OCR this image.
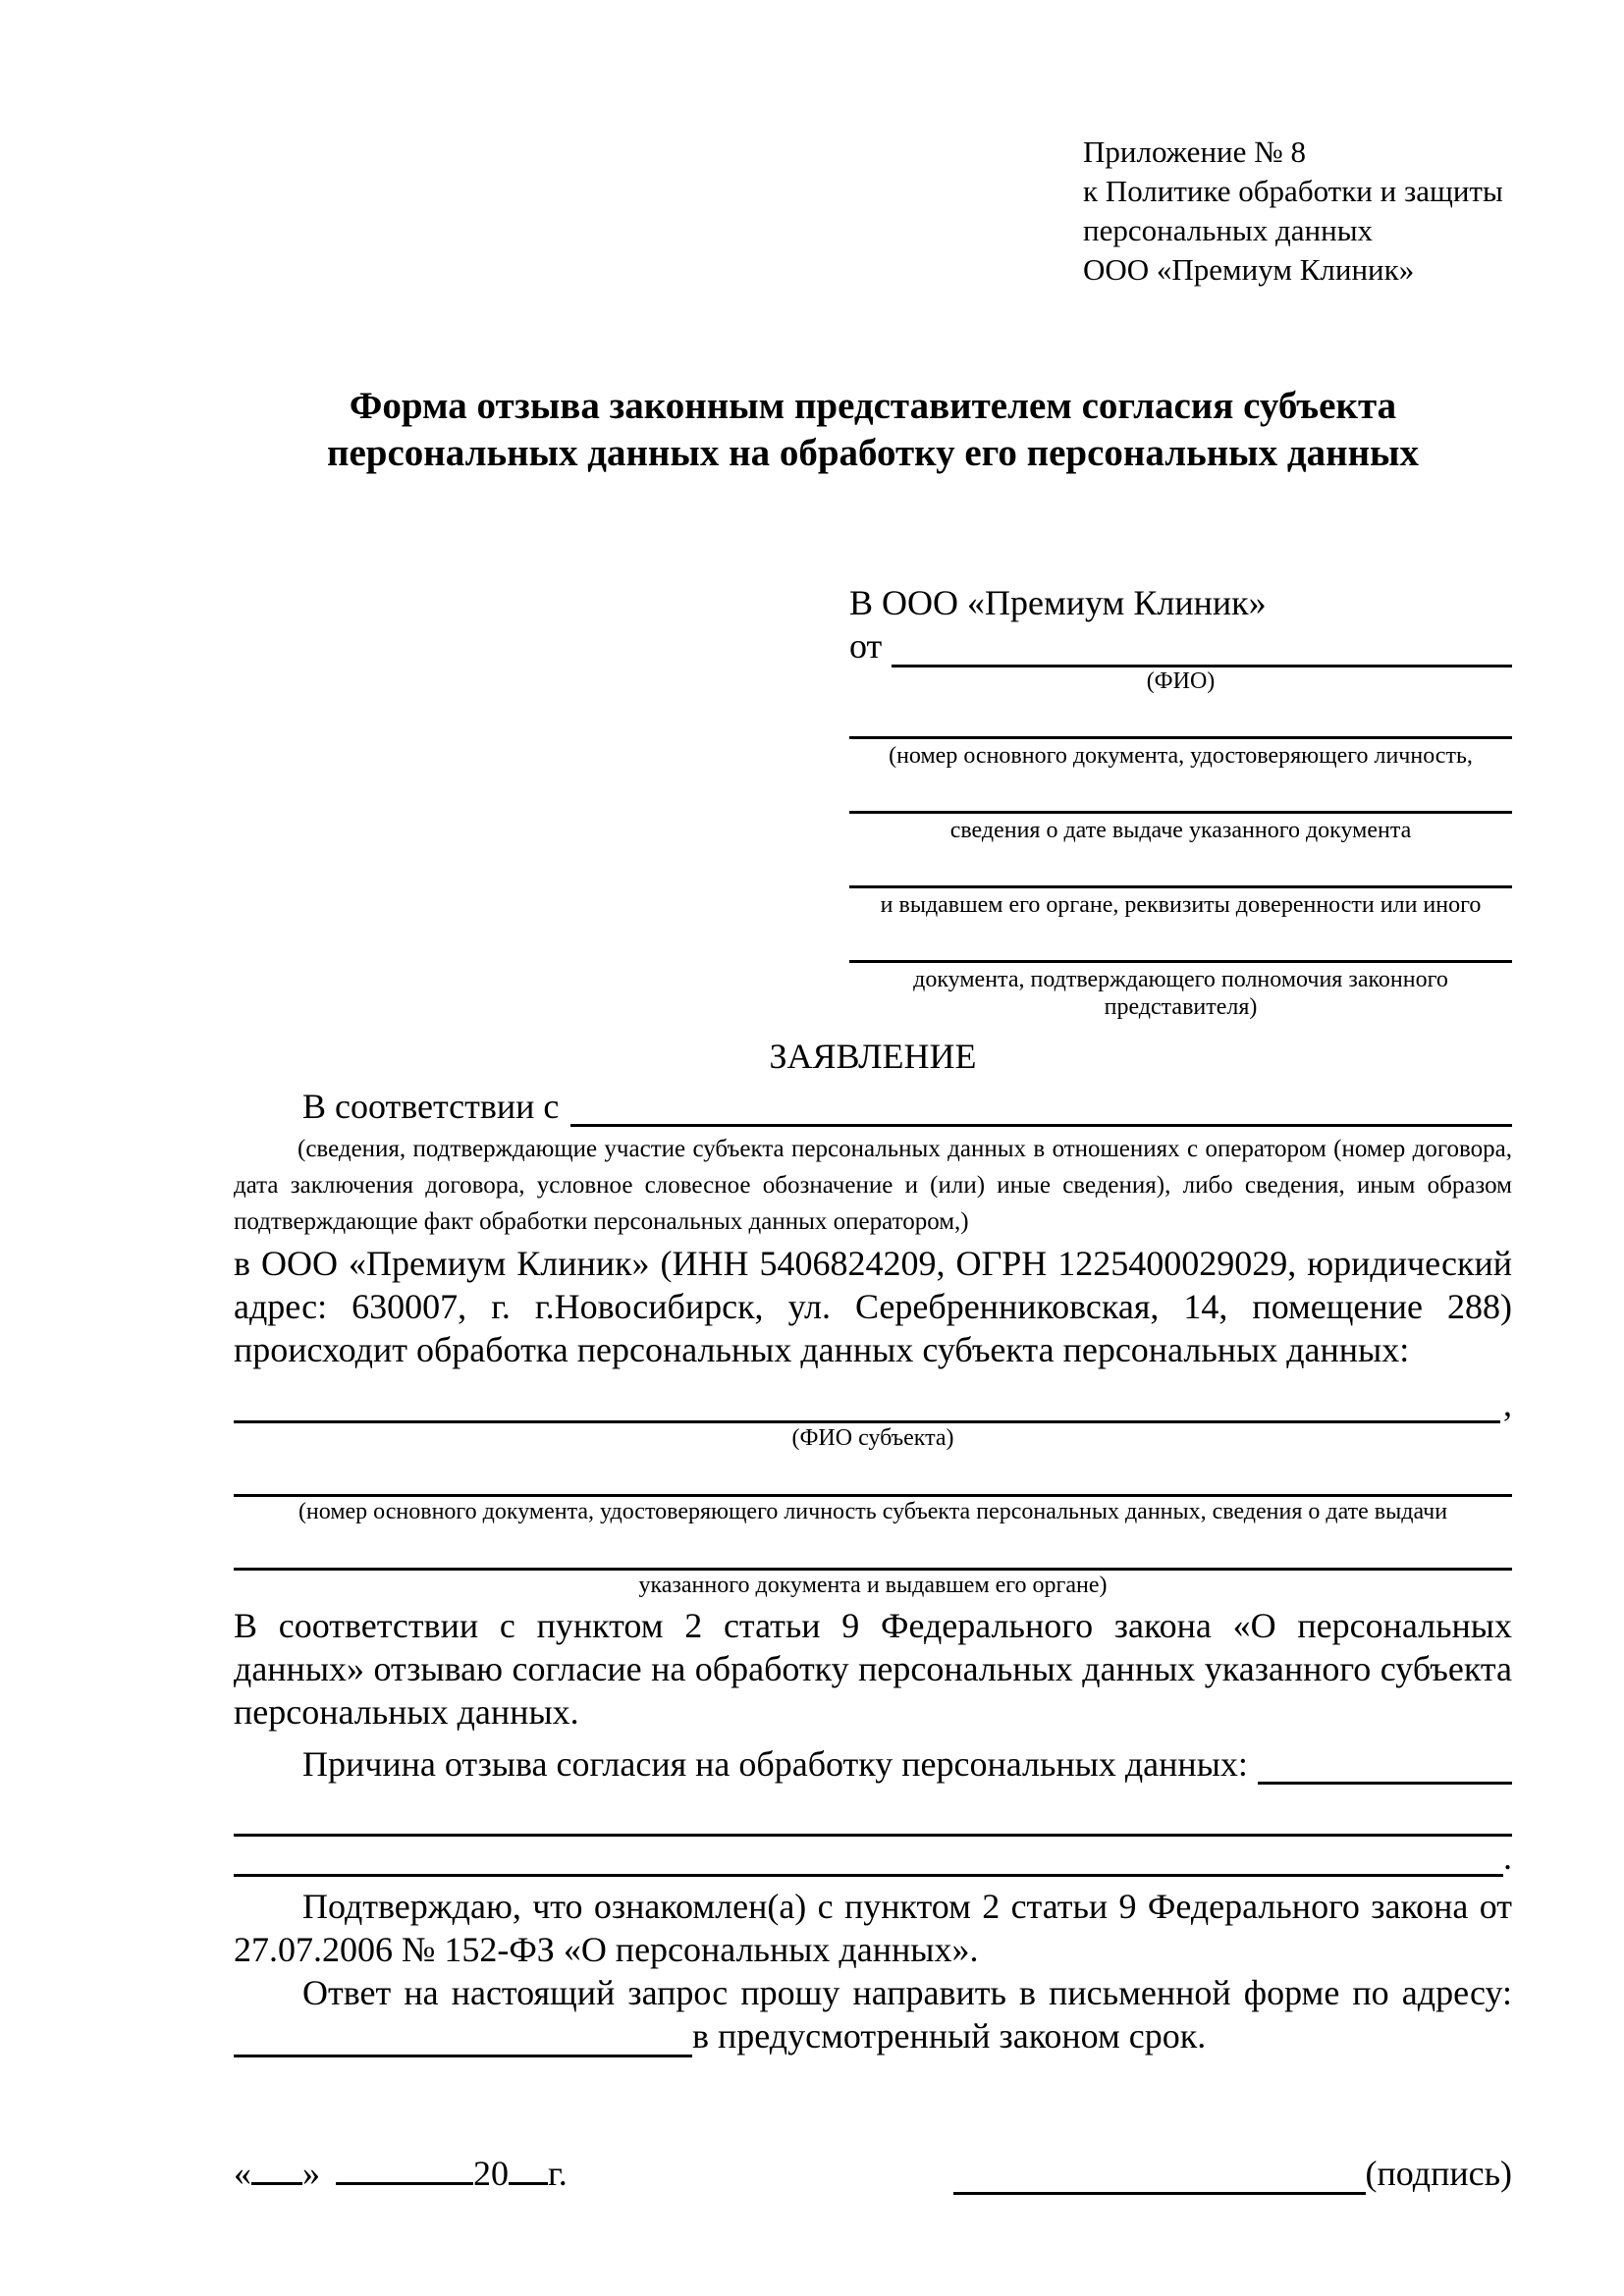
Приложение № 8
к Политике обработки и защиты
персональных данных
ООО «Премиум Клиник»

Форма отзыва законным представителем согласия субъекта персональных данных на обработку его персональных данных

В ООО «Премиум Клиник»
от
(ФИО)
(номер основного документа, удостоверяющего личность,
сведения о дате выдаче указанного документа
и выдавшем его органе, реквизиты доверенности или иного
документа, подтверждающего полномочия законного представителя)
ЗАЯВЛЕНИЕ
В соответствии с
(сведения, подтверждающие участие субъекта персональных данных в отношениях с оператором (номер договора, дата заключения договора, условное словесное обозначение и (или) иные сведения), либо сведения, иным образом подтверждающие факт обработки персональных данных оператором,)

в ООО «Премиум Клиник» (ИНН 5406824209, ОГРН 1225400029029, юридический адрес: 630007, г. г.Новосибирск, ул. Серебренниковская, 14, помещение 288) происходит обработка персональных данных субъекта персональных данных:

,
(ФИО субъекта)
(номер основного документа, удостоверяющего личность субъекта персональных данных, сведения о дате выдачи
указанного документа и выдавшем его органе)

В соответствии с пунктом 2 статьи 9 Федерального закона «О персональных данных» отзываю согласие на обработку персональных данных указанного субъекта персональных данных.

Причина отзыва согласия на обработку персональных данных:
.

Подтверждаю, что ознакомлен(а) с пунктом 2 статьи 9 Федерального закона от 27.07.2006 № 152-ФЗ «О персональных данных».

Ответ на настоящий запрос прошу направить в письменной форме по адресу:

в предусмотренный законом срок.
« »	20 г.	(подпись)
